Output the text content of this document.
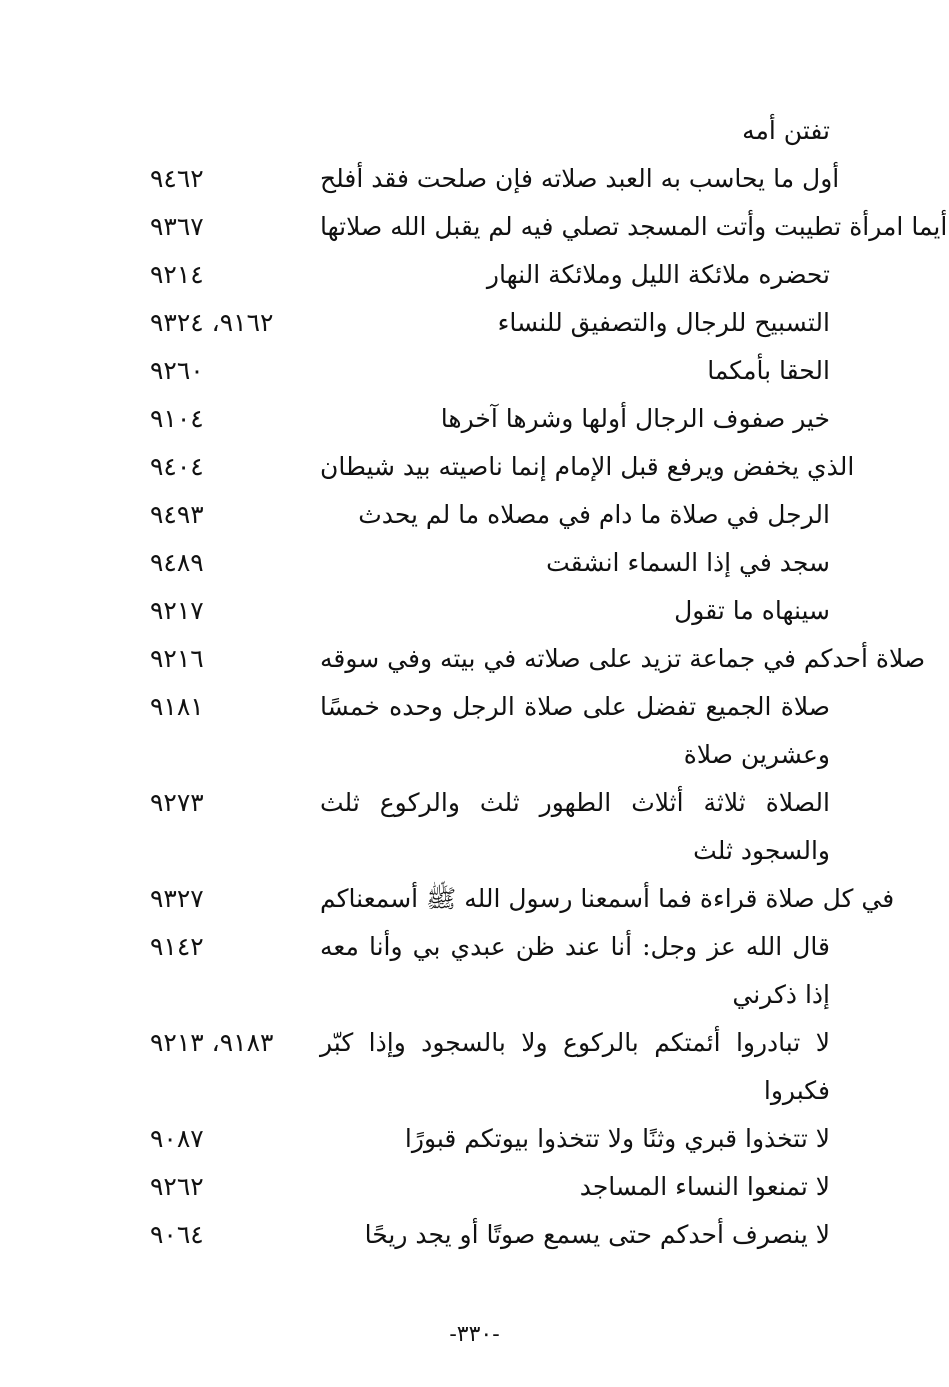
تفتن أمه
٩٤٦٢	أول ما يحاسب به العبد صلاته فإن صلحت فقد أفلح
٩٣٦٧	أيما امرأة تطيبت وأتت المسجد تصلي فيه لم يقبل الله صلاتها
٩٢١٤	تحضره ملائكة الليل وملائكة النهار
٩١٦٢، ٩٣٢٤	التسبيح للرجال والتصفيق للنساء
٩٢٦٠	الحقا بأمكما
٩١٠٤	خير صفوف الرجال أولها وشرها آخرها
٩٤٠٤	الذي يخفض ويرفع قبل الإمام إنما ناصيته بيد شيطان
٩٤٩٣	الرجل في صلاة ما دام في مصلاه ما لم يحدث
٩٤٨٩	سجد في إذا السماء انشقت
٩٢١٧	سينهاه ما تقول
٩٢١٦	صلاة أحدكم في جماعة تزيد على صلاته في بيته وفي سوقه
٩١٨١	صلاة الجميع تفضل على صلاة الرجل وحده خمسًا وعشرين صلاة
٩٢٧٣	الصلاة ثلاثة أثلاث الطهور ثلث والركوع ثلث والسجود ثلث
٩٣٢٧	في كل صلاة قراءة فما أسمعنا رسول الله ﷺ أسمعناكم
٩١٤٢	قال الله عز وجل: أنا عند ظن عبدي بي وأنا معه إذا ذكرني
٩١٨٣، ٩٢١٣	لا تبادروا أئمتكم بالركوع ولا بالسجود وإذا كبّر فكبروا
٩٠٨٧	لا تتخذوا قبري وثنًا ولا تتخذوا بيوتكم قبورًا
٩٢٦٢	لا تمنعوا النساء المساجد
٩٠٦٤	لا ينصرف أحدكم حتى يسمع صوتًا أو يجد ريحًا
-٣٣٠-
